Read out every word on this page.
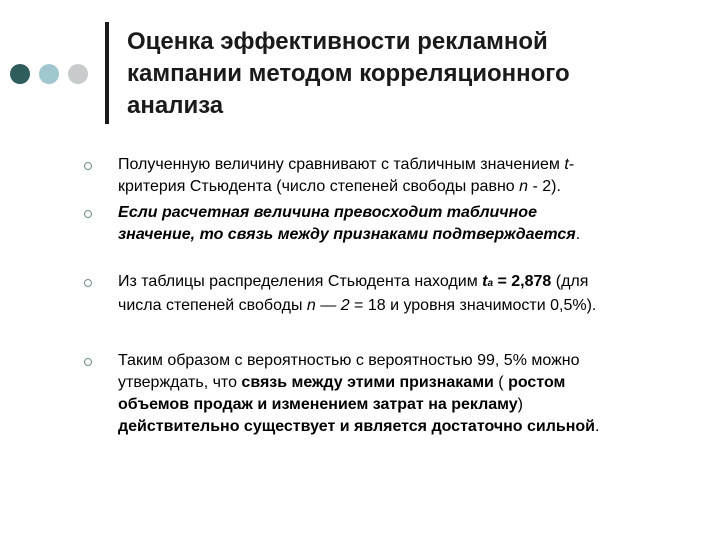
Оценка эффективности рекламной
кампании методом корреляционного
анализа
Полученную величину сравнивают с табличным значением t-
критерия Стьюдента (число степеней свободы равно n - 2).
Если расчетная величина превосходит табличное
значение, то связь между признаками подтверждается.
Из таблицы распределения Стьюдента находим tа = 2,878 (для
числа степеней свободы n — 2 = 18 и уровня значимости 0,5%).
Таким образом с вероятностью с вероятностью 99, 5% можно
утверждать, что связь между этими признаками ( ростом
объемов продаж и изменением затрат на рекламу)
действительно существует и является достаточно сильной.
